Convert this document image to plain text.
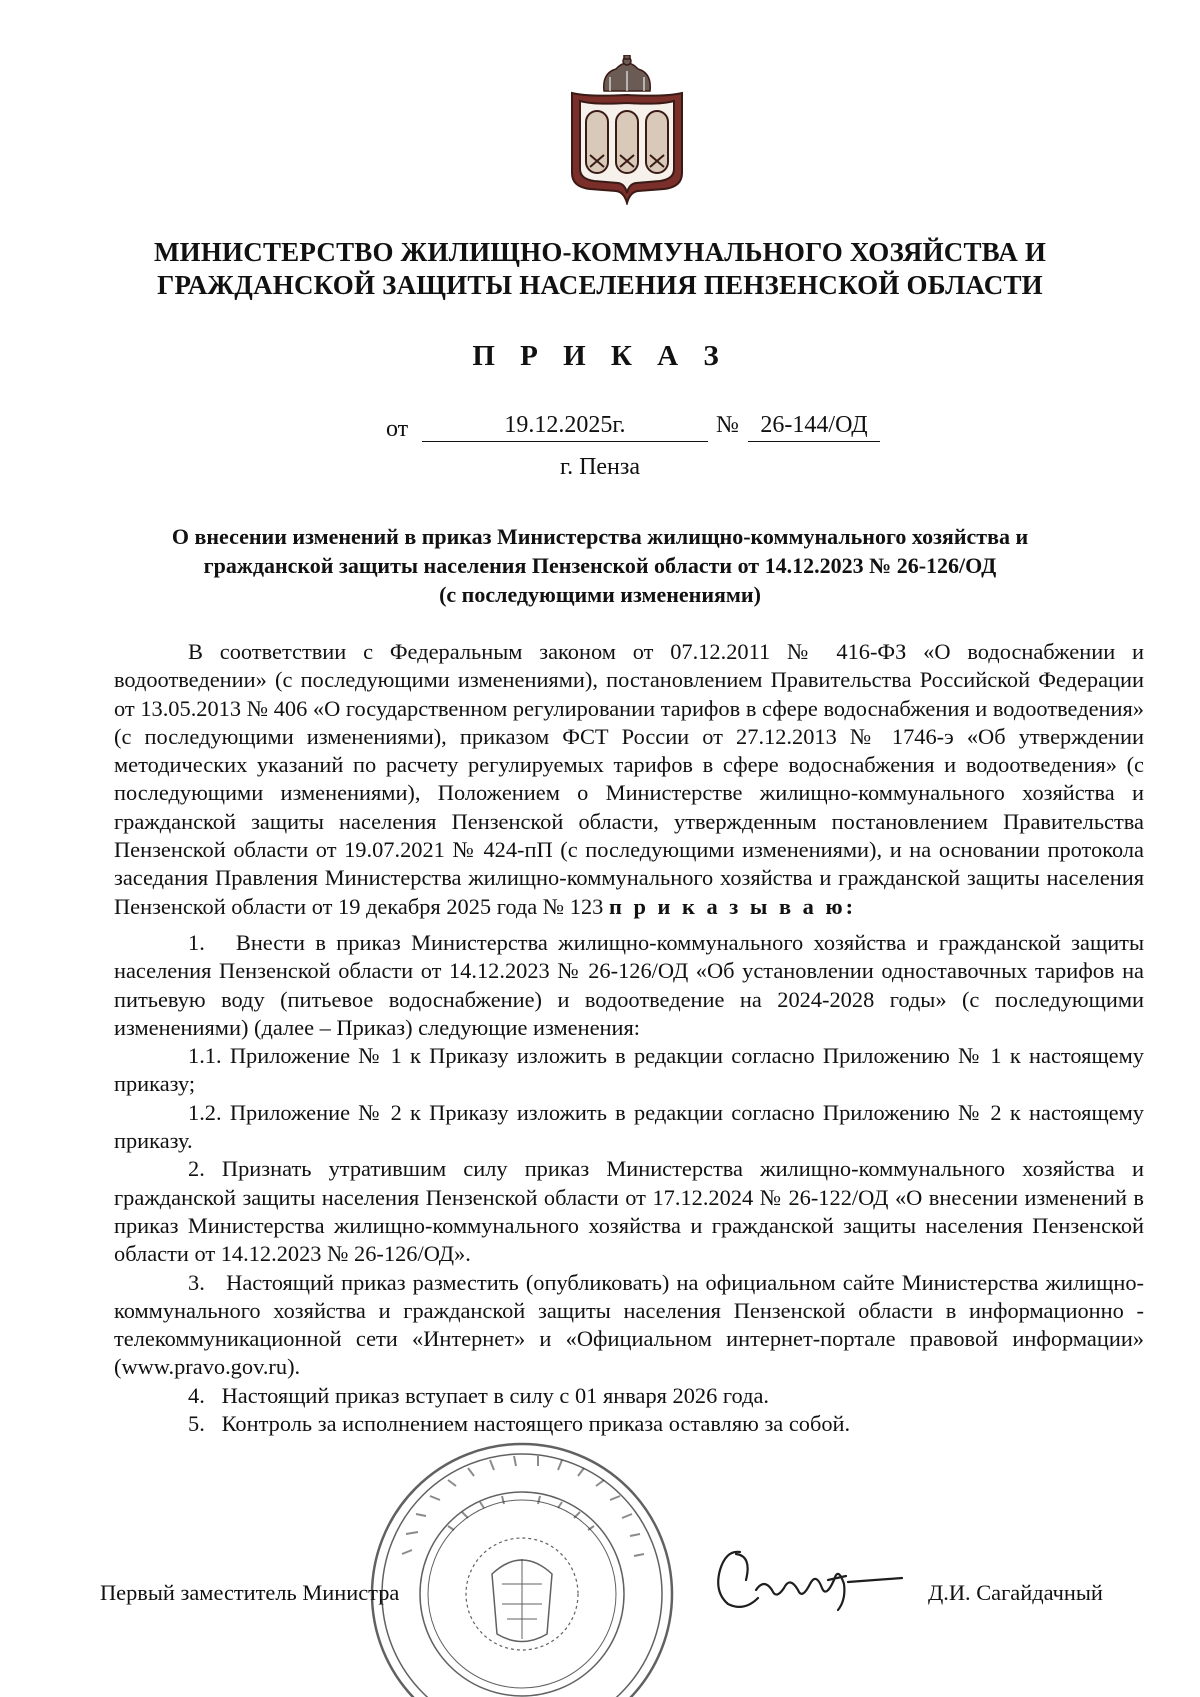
МИНИСТЕРСТВО ЖИЛИЩНО-КОММУНАЛЬНОГО ХОЗЯЙСТВА И
ГРАЖДАНСКОЙ ЗАЩИТЫ НАСЕЛЕНИЯ ПЕНЗЕНСКОЙ ОБЛАСТИ
П Р И К А З
от	19.12.2025г.	№ 26-144/ОД
г. Пенза
О внесении изменений в приказ Министерства жилищно-коммунального хозяйства и
гражданской защиты населения Пензенской области от 14.12.2023 № 26-126/ОД
(с последующими изменениями)

В соответствии с Федеральным законом от 07.12.2011 № 416-ФЗ «О водоснабжении и водоотведении» (с последующими изменениями), постановлением Правительства Российской Федерации от 13.05.2013 № 406 «О государственном регулировании тарифов в сфере водоснабжения и водоотведения» (с последующими изменениями), приказом ФСТ России от 27.12.2013 № 1746-э «Об утверждении методических указаний по расчету регулируемых тарифов в сфере водоснабжения и водоотведения» (с последующими изменениями), Положением о Министерстве жилищно-коммунального хозяйства и гражданской защиты населения Пензенской области, утвержденным постановлением Правительства Пензенской области от 19.07.2021 № 424-пП (с последующими изменениями), и на основании протокола заседания Правления Министерства жилищно-коммунального хозяйства и гражданской защиты населения Пензенской области от 19 декабря 2025 года № 123 п р и к а з ы в а ю:

1.   Внести в приказ Министерства жилищно-коммунального хозяйства и гражданской защиты населения Пензенской области от 14.12.2023 № 26-126/ОД «Об установлении одноставочных тарифов на питьевую воду (питьевое водоснабжение) и водоотведение на 2024-2028 годы» (с последующими изменениями) (далее – Приказ) следующие изменения:

1.1. Приложение № 1 к Приказу изложить в редакции согласно Приложению № 1 к настоящему приказу;

1.2. Приложение № 2 к Приказу изложить в редакции согласно Приложению № 2 к настоящему приказу.

2. Признать утратившим силу приказ Министерства жилищно-коммунального хозяйства и гражданской защиты населения Пензенской области от 17.12.2024 № 26-122/ОД «О внесении изменений в приказ Министерства жилищно-коммунального хозяйства и гражданской защиты населения Пензенской области от 14.12.2023 № 26-126/ОД».

3.   Настоящий приказ разместить (опубликовать) на официальном сайте Министерства жилищно-коммунального хозяйства и гражданской защиты населения Пензенской области в информационно - телекоммуникационной сети «Интернет» и «Официальном интернет-портале правовой информации» (www.pravo.gov.ru).

4.   Настоящий приказ вступает в силу с 01 января 2026 года.

5.   Контроль за исполнением настоящего приказа оставляю за собой.

Первый заместитель Министра	Д.И. Сагайдачный
